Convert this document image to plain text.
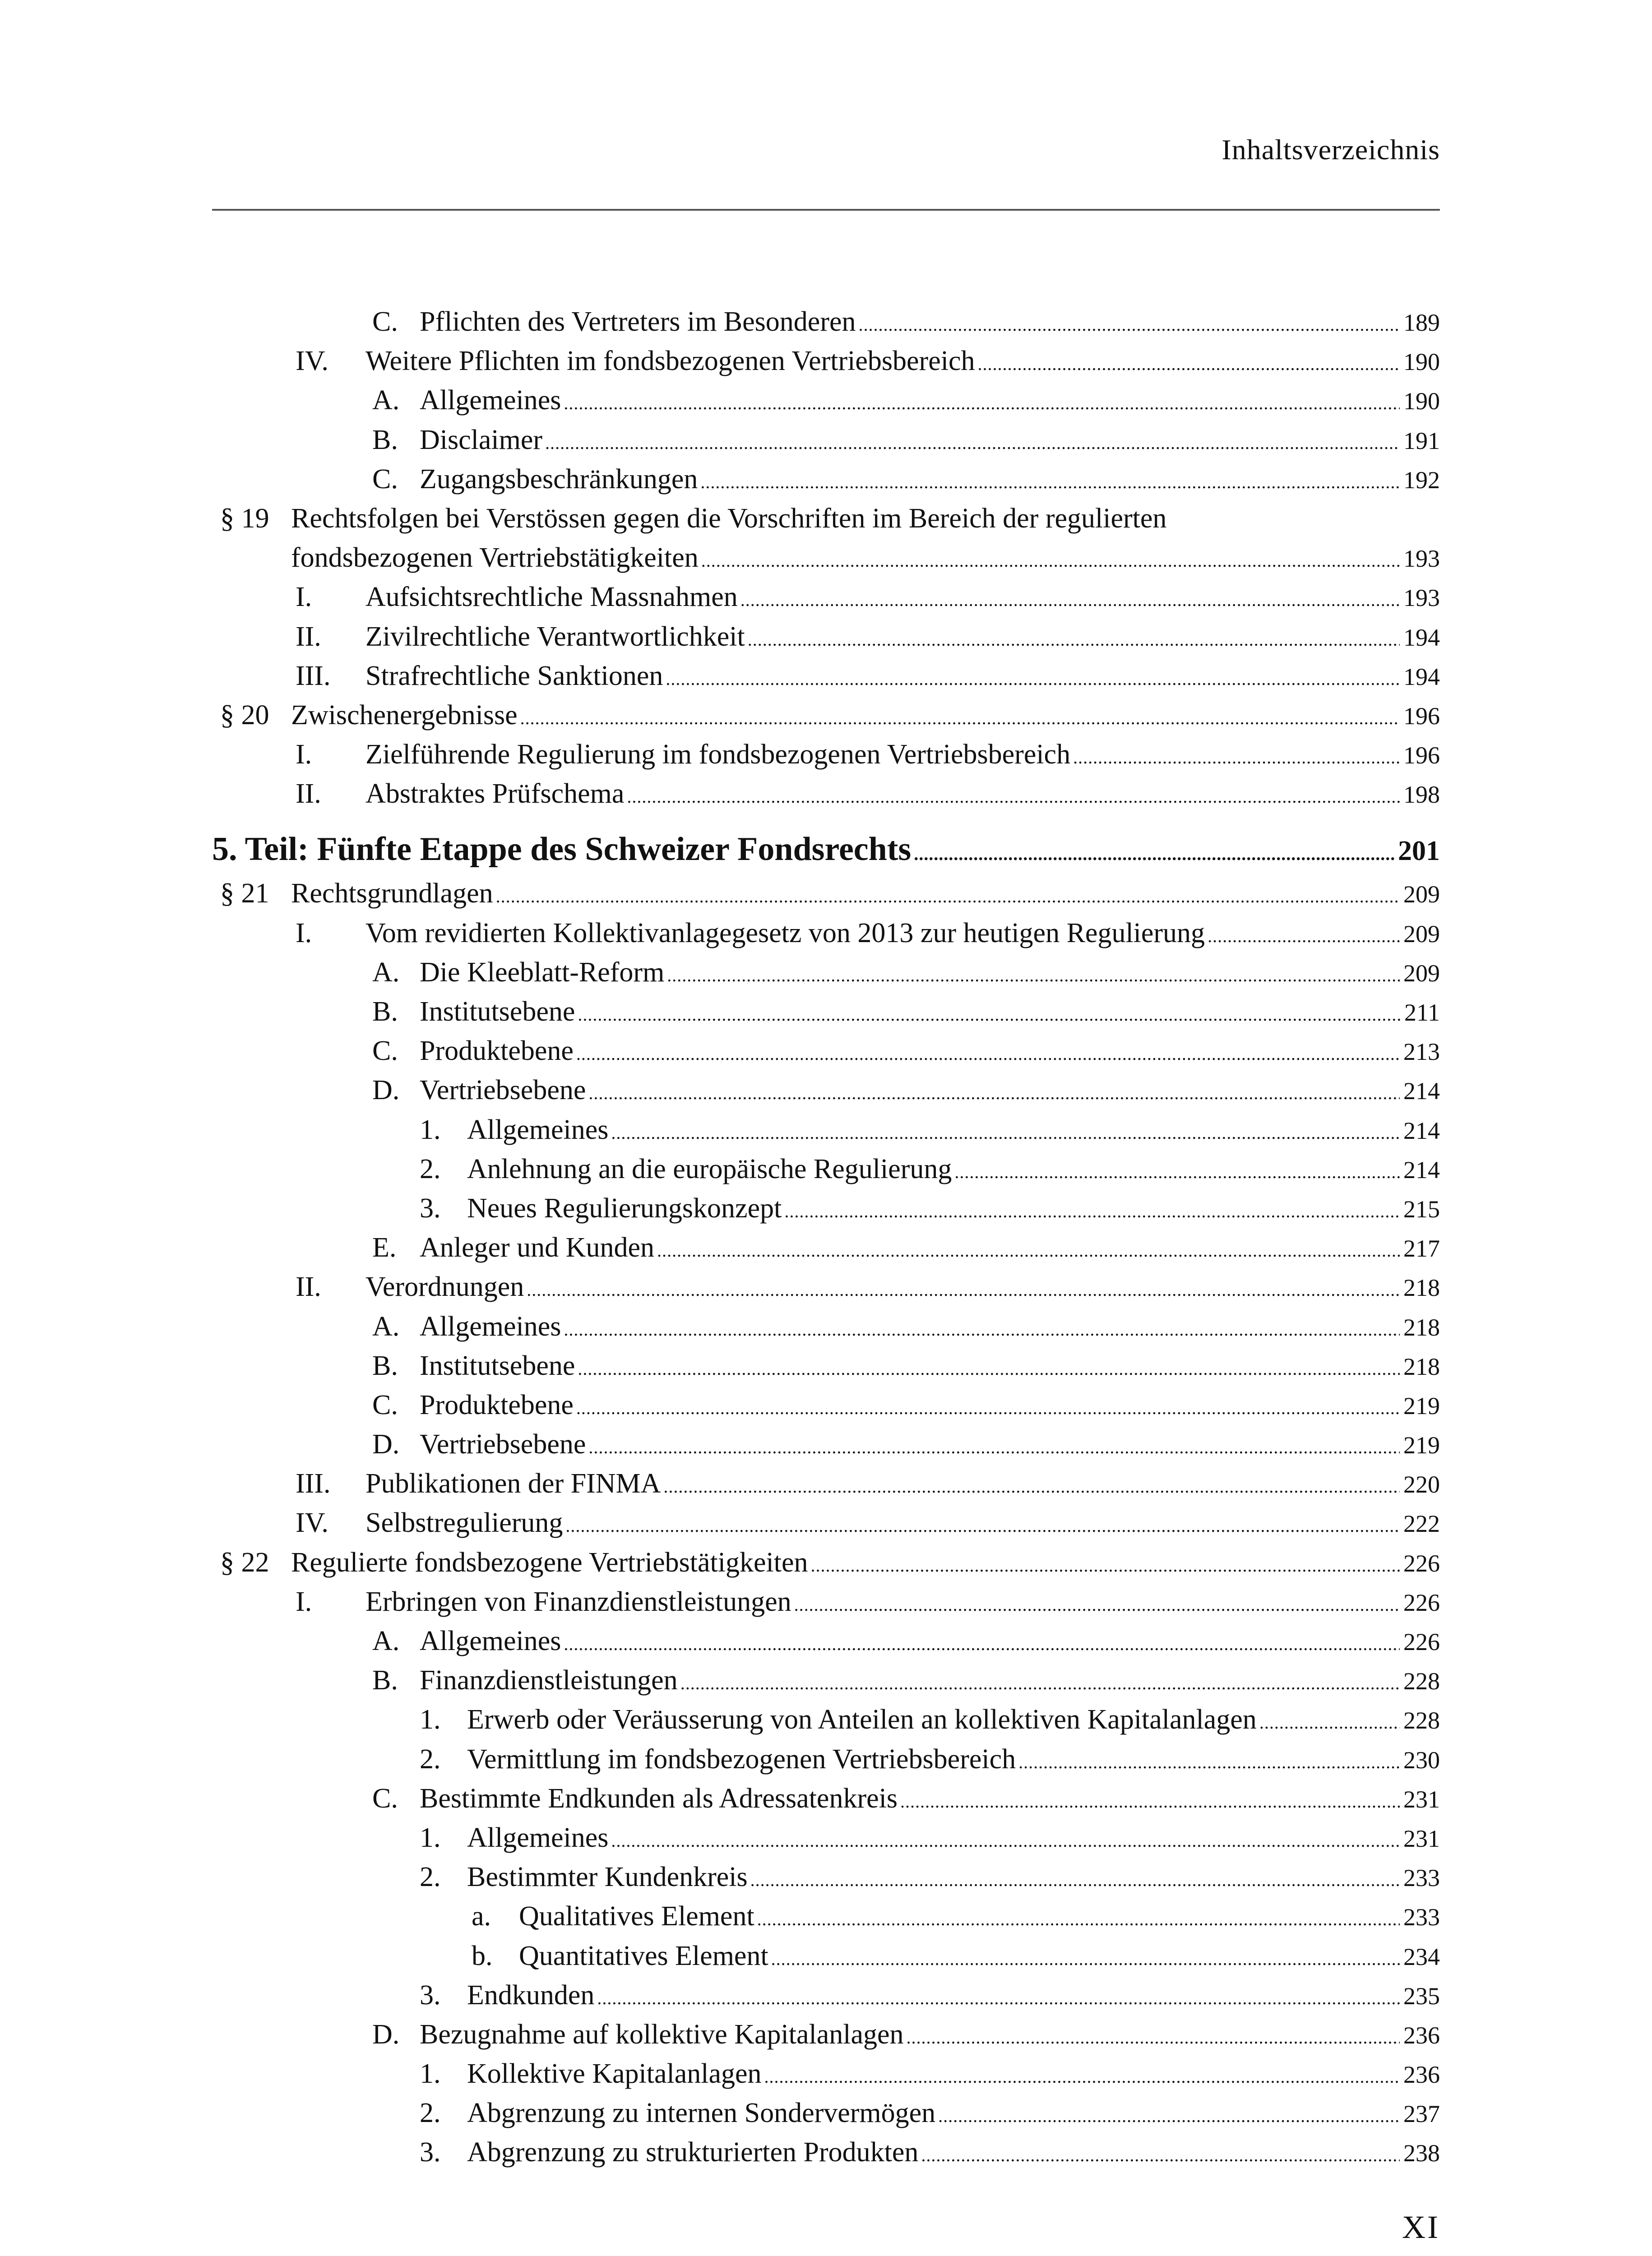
Inhaltsverzeichnis
C. Pflichten des Vertreters im Besonderen .....	189
IV. Weitere Pflichten im fondsbezogenen Vertriebsbereich .....	190
A. Allgemeines .....	190
B. Disclaimer .....	191
C. Zugangsbeschränkungen .....	192
§ 19 Rechtsfolgen bei Verstössen gegen die Vorschriften im Bereich der regulierten
fondsbezogenen Vertriebstätigkeiten .....	193
I. Aufsichtsrechtliche Massnahmen .....	193
II. Zivilrechtliche Verantwortlichkeit .....	194
III. Strafrechtliche Sanktionen .....	194
§ 20 Zwischenergebnisse .....	196
I. Zielführende Regulierung im fondsbezogenen Vertriebsbereich .....	196
II. Abstraktes Prüfschema .....	198
5. Teil: Fünfte Etappe des Schweizer Fondsrechts .....	201
§ 21 Rechtsgrundlagen .....	209
I. Vom revidierten Kollektivanlagegesetz von 2013 zur heutigen Regulierung .....	209
A. Die Kleeblatt-Reform .....	209
B. Institutsebene .....	211
C. Produktebene .....	213
D. Vertriebsebene .....	214
1. Allgemeines .....	214
2. Anlehnung an die europäische Regulierung .....	214
3. Neues Regulierungskonzept .....	215
E. Anleger und Kunden .....	217
II. Verordnungen .....	218
A. Allgemeines .....	218
B. Institutsebene .....	218
C. Produktebene .....	219
D. Vertriebsebene .....	219
III. Publikationen der FINMA .....	220
IV. Selbstregulierung .....	222
§ 22 Regulierte fondsbezogene Vertriebstätigkeiten .....	226
I. Erbringen von Finanzdienstleistungen .....	226
A. Allgemeines .....	226
B. Finanzdienstleistungen .....	228
1. Erwerb oder Veräusserung von Anteilen an kollektiven Kapitalanlagen .....	228
2. Vermittlung im fondsbezogenen Vertriebsbereich .....	230
C. Bestimmte Endkunden als Adressatenkreis .....	231
1. Allgemeines .....	231
2. Bestimmter Kundenkreis .....	233
a. Qualitatives Element .....	233
b. Quantitatives Element .....	234
3. Endkunden .....	235
D. Bezugnahme auf kollektive Kapitalanlagen .....	236
1. Kollektive Kapitalanlagen .....	236
2. Abgrenzung zu internen Sondervermögen .....	237
3. Abgrenzung zu strukturierten Produkten .....	238
XI
